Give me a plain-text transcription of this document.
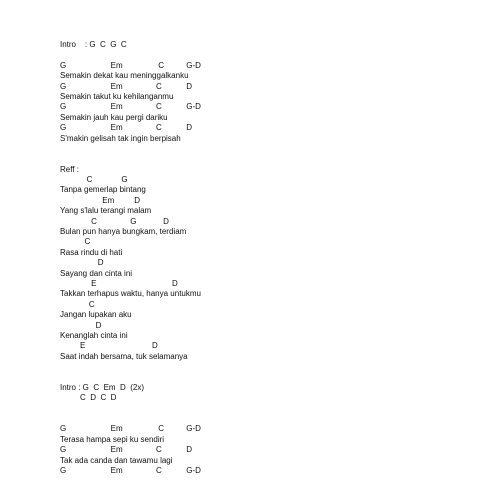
Intro    : G  C  G  C
G                    Em                C          G-D
Semakin dekat kau meninggalkanku
G                    Em               C           D
Semakin takut ku kehilanganmu
G                    Em               C           G-D
Semakin jauh kau pergi dariku
G                    Em               C           D
S'makin gelisah tak ingin berpisah
Reff :
C             G
Tanpa gemerlap bintang
Em         D
Yang s'lalu terangi malam
C               G            D
Bulan pun hanya bungkam, terdiam
C
Rasa rindu di hati
D
Sayang dan cinta ini
E                                  D
Takkan terhapus waktu, hanya untukmu
C
Jangan lupakan aku
D
Kenanglah cinta ini
E                              D
Saat indah bersama, tuk selamanya
Intro : G  C  Em  D  (2x)
C  D  C  D
G                    Em                C          G-D
Terasa hampa sepi ku sendiri
G                    Em               C           D
Tak ada canda dan tawamu lagi
G                    Em               C           G-D
